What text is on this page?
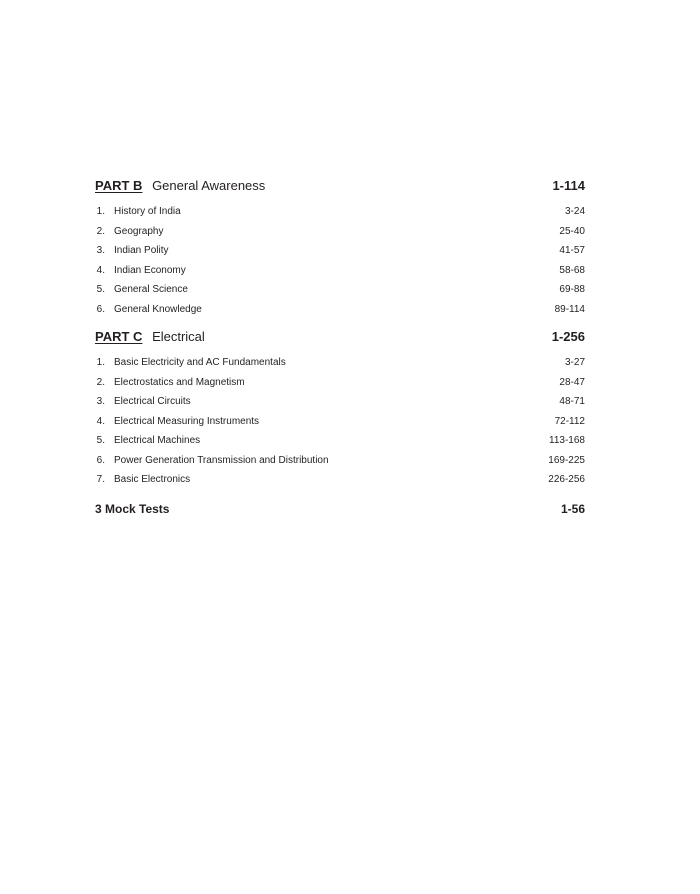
PART B General Awareness	1-114
1. History of India	3-24
2. Geography	25-40
3. Indian Polity	41-57
4. Indian Economy	58-68
5. General Science	69-88
6. General Knowledge	89-114
PART C Electrical	1-256
1. Basic Electricity and AC Fundamentals	3-27
2. Electrostatics and Magnetism	28-47
3. Electrical Circuits	48-71
4. Electrical Measuring Instruments	72-112
5. Electrical Machines	113-168
6. Power Generation Transmission and Distribution	169-225
7. Basic Electronics	226-256
3 Mock Tests	1-56
